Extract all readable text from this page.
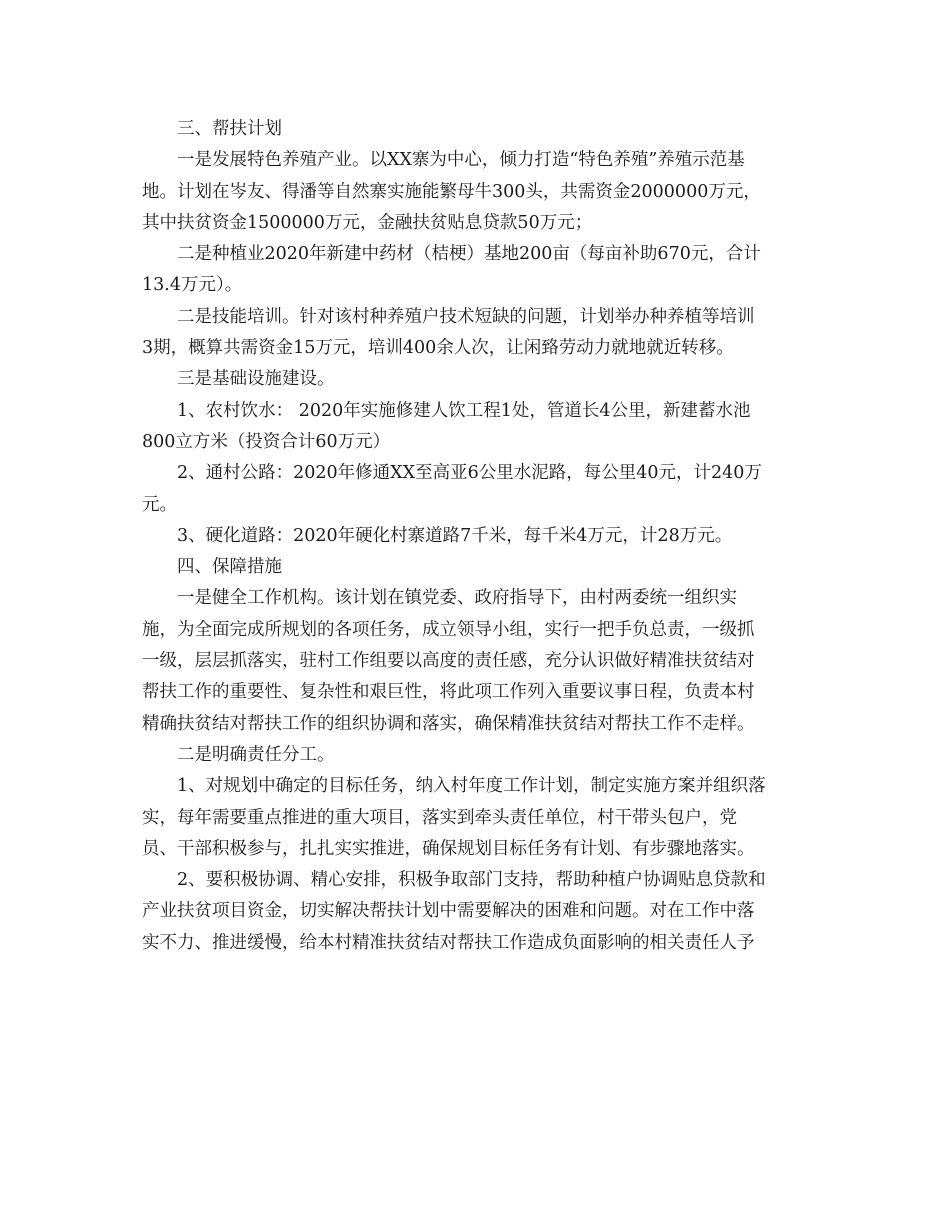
三、帮扶计划

一是发展特色养殖产业。以XX寨为中心，倾力打造“特色养殖”养殖示范基
地。计划在岑友、得潘等自然寨实施能繁母牛300头，共需资金2000000万元，
其中扶贫资金1500000万元，金融扶贫贴息贷款50万元；

二是种植业2020年新建中药材（桔梗）基地200亩（每亩补助670元，合计
13.4万元）。

二是技能培训。针对该村种养殖户技术短缺的问题，计划举办种养植等培训
3期，概算共需资金15万元，培训400余人次，让闲臵劳动力就地就近转移。

三是基础设施建设。

1、农村饮水： 2020年实施修建人饮工程1处，管道长4公里，新建蓄水池
800立方米（投资合计60万元）

2、通村公路：2020年修通XX至高亚6公里水泥路，每公里40元，计240万
元。

3、硬化道路：2020年硬化村寨道路7千米，每千米4万元，计28万元。

四、保障措施

一是健全工作机构。该计划在镇党委、政府指导下，由村两委统一组织实
施，为全面完成所规划的各项任务，成立领导小组，实行一把手负总责，一级抓
一级，层层抓落实，驻村工作组要以高度的责任感，充分认识做好精准扶贫结对
帮扶工作的重要性、复杂性和艰巨性，将此项工作列入重要议事日程，负责本村
精确扶贫结对帮扶工作的组织协调和落实，确保精准扶贫结对帮扶工作不走样。

二是明确责任分工。

1、对规划中确定的目标任务，纳入村年度工作计划，制定实施方案并组织落
实，每年需要重点推进的重大项目，落实到牵头责任单位，村干带头包户，党
员、干部积极参与，扎扎实实推进，确保规划目标任务有计划、有步骤地落实。

2、要积极协调、精心安排，积极争取部门支持，帮助种植户协调贴息贷款和
产业扶贫项目资金，切实解决帮扶计划中需要解决的困难和问题。对在工作中落
实不力、推进缓慢，给本村精准扶贫结对帮扶工作造成负面影响的相关责任人予
